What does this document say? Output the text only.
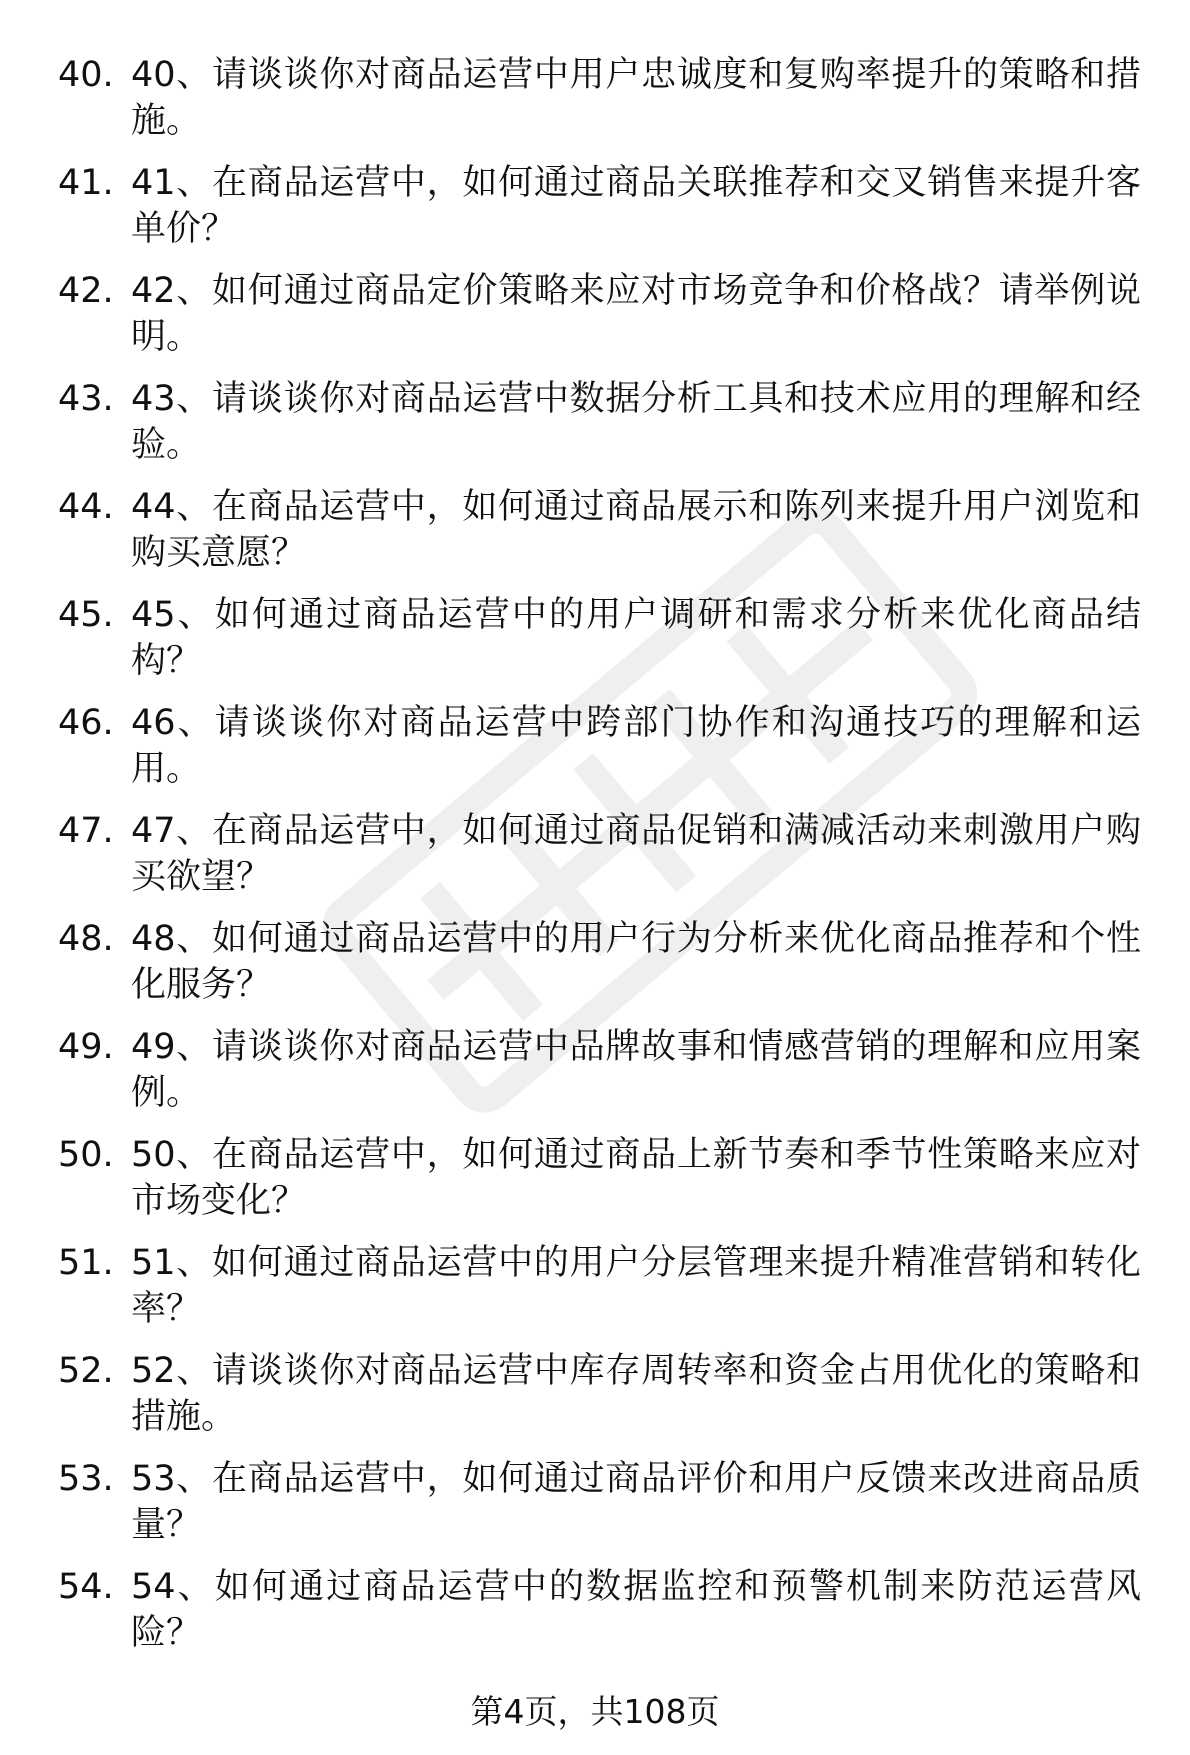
40. 40、请谈谈你对商品运营中用户忠诚度和复购率提升的策略和措施。
41. 41、在商品运营中，如何通过商品关联推荐和交叉销售来提升客单价？
42. 42、如何通过商品定价策略来应对市场竞争和价格战？请举例说明。
43. 43、请谈谈你对商品运营中数据分析工具和技术应用的理解和经验。
44. 44、在商品运营中，如何通过商品展示和陈列来提升用户浏览和购买意愿？
45. 45、如何通过商品运营中的用户调研和需求分析来优化商品结构？
46. 46、请谈谈你对商品运营中跨部门协作和沟通技巧的理解和运用。
47. 47、在商品运营中，如何通过商品促销和满减活动来刺激用户购买欲望？
48. 48、如何通过商品运营中的用户行为分析来优化商品推荐和个性化服务？
49. 49、请谈谈你对商品运营中品牌故事和情感营销的理解和应用案例。
50. 50、在商品运营中，如何通过商品上新节奏和季节性策略来应对市场变化？
51. 51、如何通过商品运营中的用户分层管理来提升精准营销和转化率？
52. 52、请谈谈你对商品运营中库存周转率和资金占用优化的策略和措施。
53. 53、在商品运营中，如何通过商品评价和用户反馈来改进商品质量？
54. 54、如何通过商品运营中的数据监控和预警机制来防范运营风险？
第4页，共108页
